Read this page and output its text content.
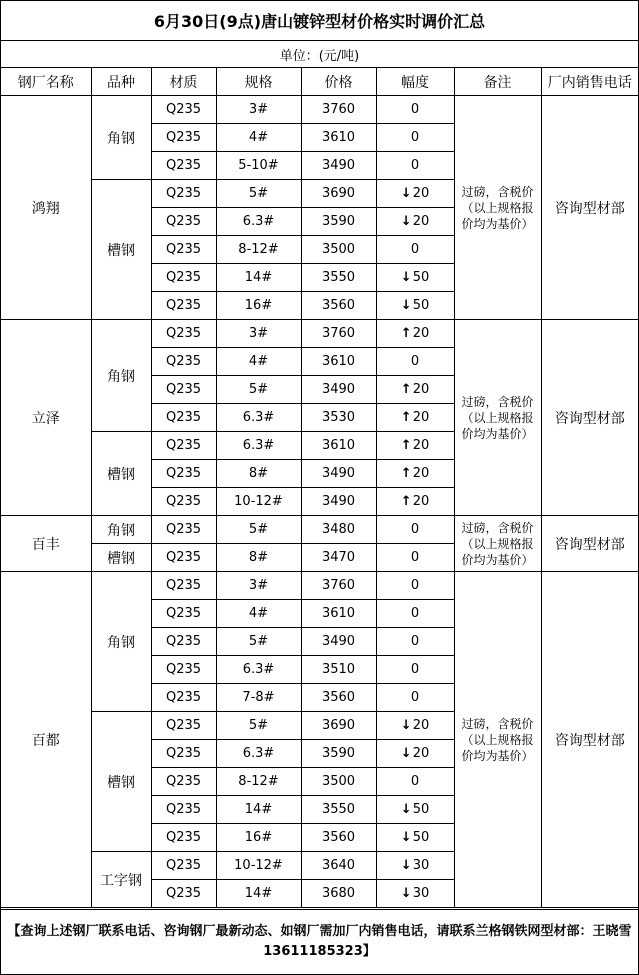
6月30日(9点)唐山镀锌型材价格实时调价汇总
单位：(元/吨)
钢厂名称	品种	材质	规格	价格	幅度	备注	厂内销售电话
鸿翔	角钢	Q235	3#	3760	0	过磅，含税价（以上规格报价均为基价）	咨询型材部
		Q235	4#	3610	0		
		Q235	5-10#	3490	0		
	槽钢	Q235	5#	3690	↓20		
		Q235	6.3#	3590	↓20		
		Q235	8-12#	3500	0		
		Q235	14#	3550	↓50		
		Q235	16#	3560	↓50		
立泽	角钢	Q235	3#	3760	↑20	过磅，含税价（以上规格报价均为基价）	咨询型材部
		Q235	4#	3610	0		
		Q235	5#	3490	↑20		
		Q235	6.3#	3530	↑20		
	槽钢	Q235	6.3#	3610	↑20		
		Q235	8#	3490	↑20		
		Q235	10-12#	3490	↑20		
百丰	角钢	Q235	5#	3480	0	过磅，含税价（以上规格报价均为基价）	咨询型材部
	槽钢	Q235	8#	3470	0		
百都	角钢	Q235	3#	3760	0	过磅，含税价（以上规格报价均为基价）	咨询型材部
		Q235	4#	3610	0		
		Q235	5#	3490	0		
		Q235	6.3#	3510	0		
		Q235	7-8#	3560	0		
	槽钢	Q235	5#	3690	↓20		
		Q235	6.3#	3590	↓20		
		Q235	8-12#	3500	0		
		Q235	14#	3550	↓50		
		Q235	16#	3560	↓50		
	工字钢	Q235	10-12#	3640	↓30		
		Q235	14#	3680	↓30		
【查询上述钢厂联系电话、咨询钢厂最新动态、如钢厂需加厂内销售电话，请联系兰格钢铁网型材部：王晓雪13611185323】
